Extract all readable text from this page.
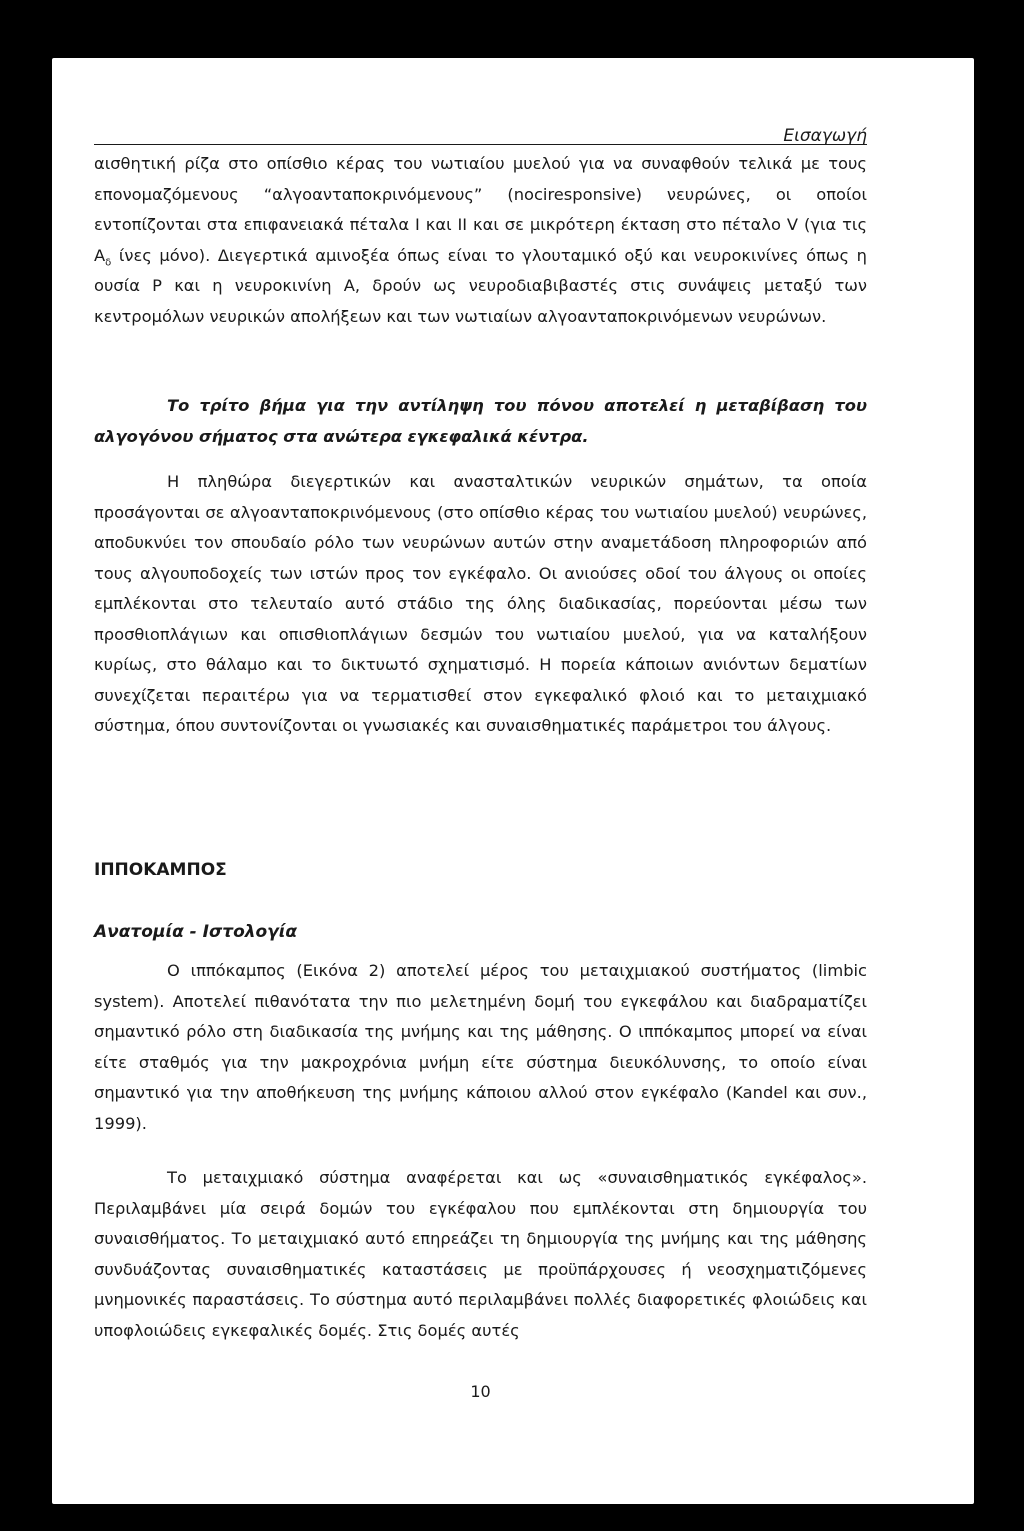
Εισαγωγή

αισθητική ρίζα στο οπίσθιο κέρας του νωτιαίου μυελού για να συναφθούν τελικά με τους επονομαζόμενους “αλγοανταποκρινόμενους” (nociresponsive) νευρώνες, οι οποίοι εντοπίζονται στα επιφανειακά πέταλα I και II και σε μικρότερη έκταση στο πέταλο V (για τις $A_\delta$ ίνες μόνο). Διεγερτικά αμινοξέα όπως είναι το γλουταμικό οξύ και νευροκινίνες όπως η ουσία P και η νευροκινίνη A, δρούν ως νευροδιαβιβαστές στις συνάψεις μεταξύ των κεντρομόλων νευρικών απολήξεων και των νωτιαίων αλγοανταποκρινόμενων νευρώνων.

Το τρίτο βήμα για την αντίληψη του πόνου αποτελεί η μεταβίβαση του αλγογόνου σήματος στα ανώτερα εγκεφαλικά κέντρα.

Η πληθώρα διεγερτικών και ανασταλτικών νευρικών σημάτων, τα οποία προσάγονται σε αλγοανταποκρινόμενους (στο οπίσθιο κέρας του νωτιαίου μυελού) νευρώνες, αποδυκνύει τον σπουδαίο ρόλο των νευρώνων αυτών στην αναμετάδοση πληροφοριών από τους αλγουποδοχείς των ιστών προς τον εγκέφαλο. Οι ανιούσες οδοί του άλγους οι οποίες εμπλέκονται στο τελευταίο αυτό στάδιο της όλης διαδικασίας, πορεύονται μέσω των προσθιοπλάγιων και οπισθιοπλάγιων δεσμών του νωτιαίου μυελού, για να καταλήξουν κυρίως, στο θάλαμο και το δικτυωτό σχηματισμό. Η πορεία κάποιων ανιόντων δεματίων συνεχίζεται περαιτέρω για να τερματισθεί στον εγκεφαλικό φλοιό και το μεταιχμιακό σύστημα, όπου συντονίζονται οι γνωσιακές και συναισθηματικές παράμετροι του άλγους.

ΙΠΠΟΚΑΜΠΟΣ
Ανατομία - Ιστολογία

Ο ιππόκαμπος (Εικόνα 2) αποτελεί μέρος του μεταιχμιακού συστήματος (limbic system). Αποτελεί πιθανότατα την πιο μελετημένη δομή του εγκεφάλου και διαδραματίζει σημαντικό ρόλο στη διαδικασία της μνήμης και της μάθησης. Ο ιππόκαμπος μπορεί να είναι είτε σταθμός για την μακροχρόνια μνήμη είτε σύστημα διευκόλυνσης, το οποίο είναι σημαντικό για την αποθήκευση της μνήμης κάποιου αλλού στον εγκέφαλο (Kandel και συν., 1999).

Το μεταιχμιακό σύστημα αναφέρεται και ως «συναισθηματικός εγκέφαλος». Περιλαμβάνει μία σειρά δομών του εγκέφαλου που εμπλέκονται στη δημιουργία του συναισθήματος. Το μεταιχμιακό αυτό επηρεάζει τη δημιουργία της μνήμης και της μάθησης συνδυάζοντας συναισθηματικές καταστάσεις με προϋπάρχουσες ή νεοσχηματιζόμενες μνημονικές παραστάσεις. Το σύστημα αυτό περιλαμβάνει πολλές διαφορετικές φλοιώδεις και υποφλοιώδεις εγκεφαλικές δομές. Στις δομές αυτές

10
